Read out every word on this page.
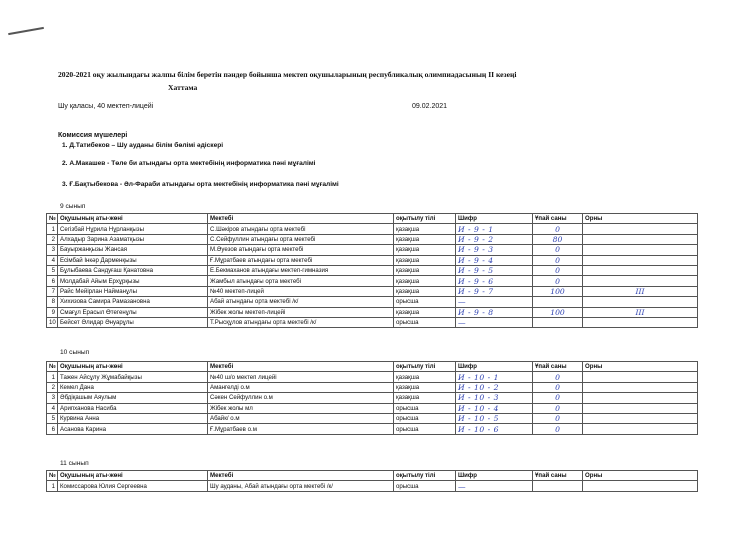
2020-2021 оқу жылындағы жалпы білім беретін пәндер бойынша мектеп оқушыларының республикалық олимпиадасының ІІ кезеңі
Хаттама
Шу қаласы, 40 мектеп-лицейі	09.02.2021
Комиссия мүшелері
1. Д.Татибеков – Шу ауданы білім бөлімі әдіскері
2. А.Макашев - Төле би атындағы орта мектебінің информатика пәні мұғалімі
3. Ғ.Бақтыбекова - Әл-Фараби атындағы орта мектебінің информатика пәні мұғалімі
9 сынып
№	Оқушының аты-жөні	Мектебі	оқытылу тілі	Шифр	Ұпай саны	Орны
1	Сегізбай Нұрила Нұрланқызы	С.Шәкіров атындағы орта мектебі	қазақша	И - 9 - 1	0	
2	Алхадыр Зарина Азаматқызы	С.Сейфуллин атындағы орта мектебі	қазақша	И - 9 - 2	80	
3	Бауыржанқызы Жансая	М.Әуезов атындағы орта мектебі	қазақша	И - 9 - 3	0	
4	Есімбай Інкәр Дарменқызы	Ғ.Мұратбаев атындағы орта мектебі	қазақша	И - 9 - 4	0	
5	Бұлыбаева Сандуғаш Қанатовна	Е.Бекмаханов атындағы мектеп-гимназия	қазақша	И - 9 - 5	0	
6	Молдабай Айым Ерхұрқызы	Жамбыл атындағы орта мектебі	қазақша	И - 9 - 6	0	
7	Райс Мейірлан Найманұлы	№40 мектеп-лицей	қазақша	И - 9 - 7	100	ІІІ
8	Хихизова Самира Рамазановна	Абай атындағы орта мектебі /к/	орысша	—		
9	Смағұл Ерасыл Өтегенұлы	Жібек жолы мектеп-лицейі	қазақша	И - 9 - 8	100	ІІІ
10	Бейсет Әлидар Әнуарұлы	Т.Рысқұлов атындағы орта мектебі /к/	орысша	—		
10 сынып
№	Оқушының аты-жөні	Мектебі	оқытылу тілі	Шифр	Ұпай саны	Орны
1	Тажен Айсұлу Жұмабайқызы	№40 ш/о мектеп лицейі	қазақша	И - 10 - 1	0	
2	Кемел Дана	Амангелді о.м	қазақша	И - 10 - 2	0	
3	Әбдіқашым Аяулым	Сәкен Сейфуллин о.м	қазақша	И - 10 - 3	0	
4	Арипханова Насиба	Жібек жолы мл	орысша	И - 10 - 4	0	
5	Курвина Анна	Абайк/ о.м	орысша	И - 10 - 5	0	
6	Асанова Карина	Ғ.Мұратбаев о.м	орысша	И - 10 - 6	0	
11 сынып
№	Оқушының аты-жөні	Мектебі	оқытылу тілі	Шифр	Ұпай саны	Орны
1	Комиссарова Юлия Сергеевна	Шу ауданы, Абай атындағы орта мектебі /к/	орысша	—		
